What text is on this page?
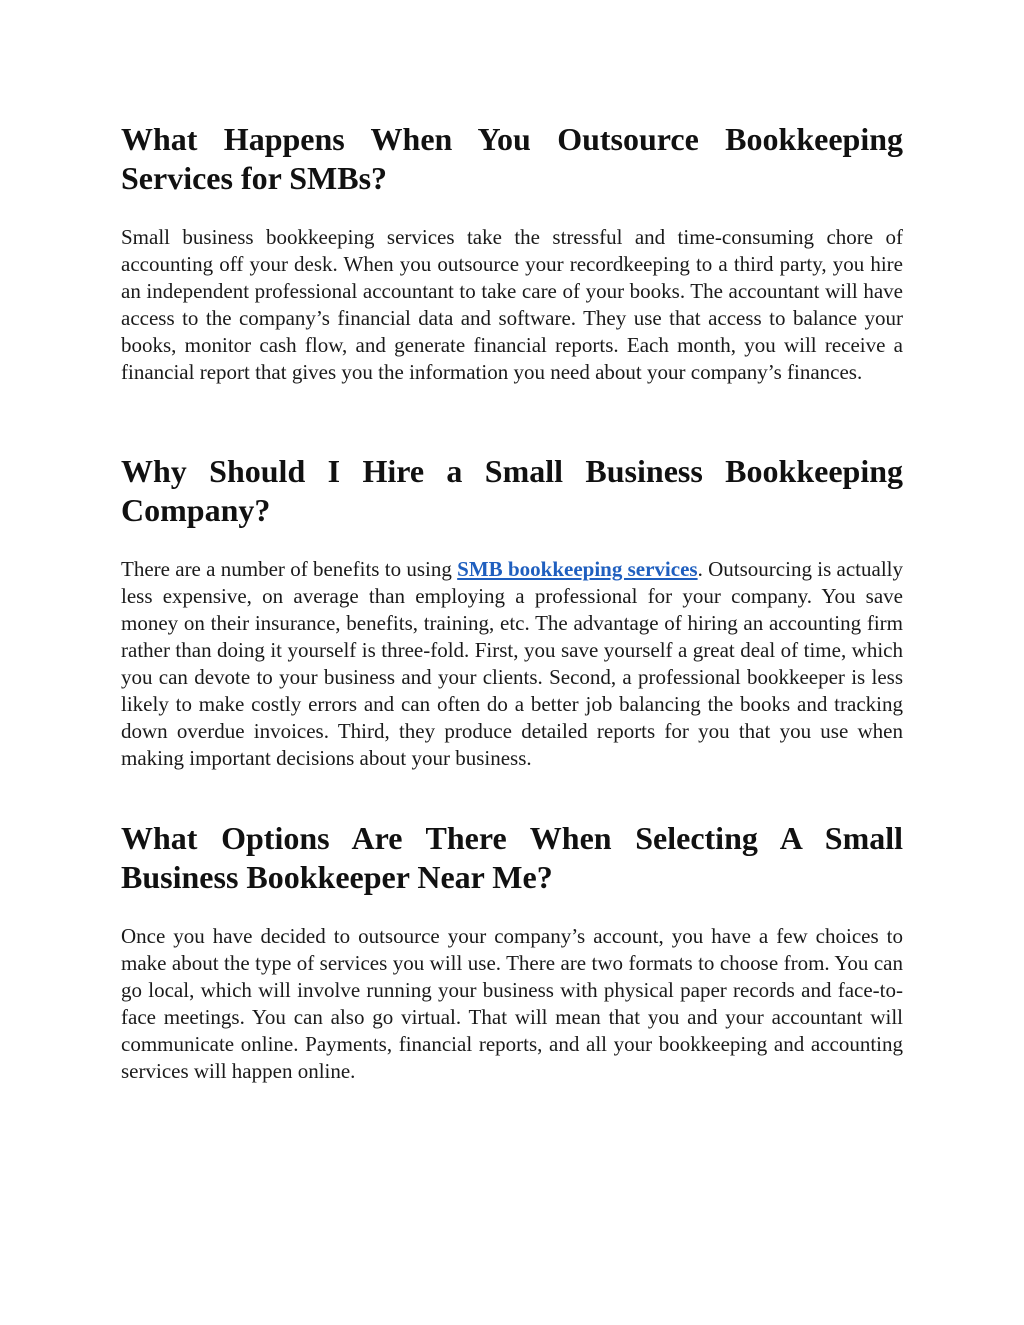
What Happens When You Outsource Bookkeeping Services for SMBs?

Small business bookkeeping services take the stressful and time-consuming chore of accounting off your desk. When you outsource your recordkeeping to a third party, you hire an independent professional accountant to take care of your books. The accountant will have access to the company’s financial data and software. They use that access to balance your books, monitor cash flow, and generate financial reports. Each month, you will receive a financial report that gives you the information you need about your company’s finances.

Why Should I Hire a Small Business Bookkeeping Company?

There are a number of benefits to using SMB bookkeeping services. Outsourcing is actually less expensive, on average than employing a professional for your company. You save money on their insurance, benefits, training, etc. The advantage of hiring an accounting firm rather than doing it yourself is three-fold. First, you save yourself a great deal of time, which you can devote to your business and your clients. Second, a professional bookkeeper is less likely to make costly errors and can often do a better job balancing the books and tracking down overdue invoices. Third, they produce detailed reports for you that you use when making important decisions about your business.

What Options Are There When Selecting A Small Business Bookkeeper Near Me?

Once you have decided to outsource your company’s account, you have a few choices to make about the type of services you will use. There are two formats to choose from. You can go local, which will involve running your business with physical paper records and face-to-face meetings. You can also go virtual. That will mean that you and your accountant will communicate online. Payments, financial reports, and all your bookkeeping and accounting services will happen online.
